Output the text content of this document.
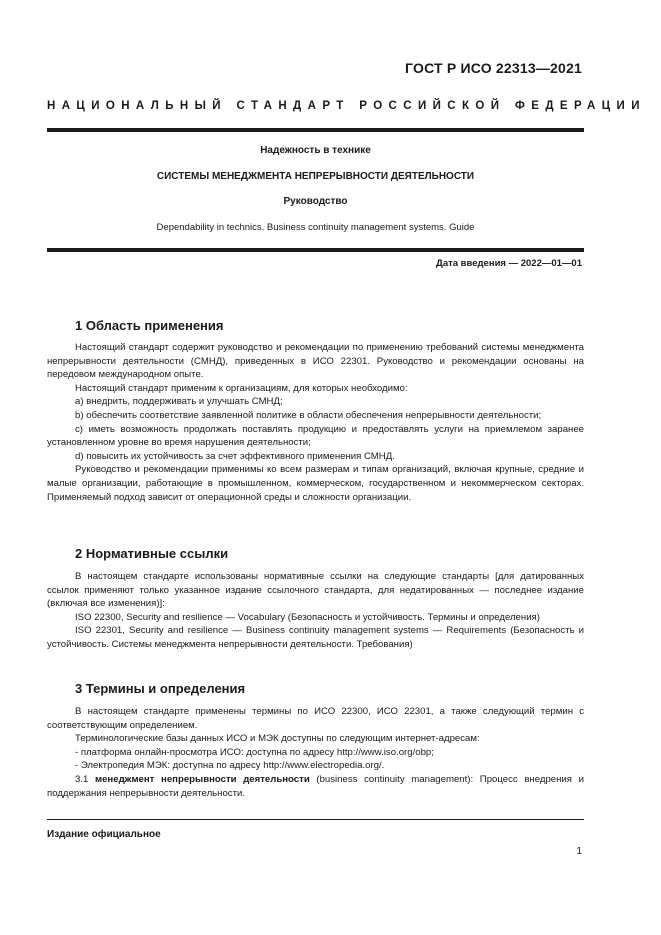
ГОСТ Р ИСО 22313—2021
НАЦИОНАЛЬНЫЙ СТАНДАРТ РОССИЙСКОЙ ФЕДЕРАЦИИ
Надежность в технике
СИСТЕМЫ МЕНЕДЖМЕНТА НЕПРЕРЫВНОСТИ ДЕЯТЕЛЬНОСТИ
Руководство
Dependability in technics. Business continuity management systems. Guide
Дата введения — 2022—01—01
1 Область применения

Настоящий стандарт содержит руководство и рекомендации по применению требований системы менеджмента непрерывности деятельности (СМНД), приведенных в ИСО 22301. Руководство и рекомендации основаны на передовом международном опыте.

Настоящий стандарт применим к организациям, для которых необходимо:

a) внедрить, поддерживать и улучшать СМНД;

b) обеспечить соответствие заявленной политике в области обеспечения непрерывности деятельности;

c) иметь возможность продолжать поставлять продукцию и предоставлять услуги на приемлемом заранее установленном уровне во время нарушения деятельности;

d) повысить их устойчивость за счет эффективного применения СМНД.

Руководство и рекомендации применимы ко всем размерам и типам организаций, включая крупные, средние и малые организации, работающие в промышленном, коммерческом, государственном и некоммерческом секторах. Применяемый подход зависит от операционной среды и сложности организации.

2 Нормативные ссылки

В настоящем стандарте использованы нормативные ссылки на следующие стандарты [для датированных ссылок применяют только указанное издание ссылочного стандарта, для недатированных — последнее издание (включая все изменения)]:

ISO 22300, Security and resilience — Vocabulary (Безопасность и устойчивость. Термины и определения)

ISO 22301, Security and resilience — Business continuity management systems — Requirements (Безопасность и устойчивость. Системы менеджмента непрерывности деятельности. Требования)

3 Термины и определения

В настоящем стандарте применены термины по ИСО 22300, ИСО 22301, а также следующий термин с соответствующим определением.

Терминологические базы данных ИСО и МЭК доступны по следующим интернет-адресам:

- платформа онлайн-просмотра ИСО: доступна по адресу http://www.iso.org/obp;

- Электропедия МЭК: доступна по адресу http://www.electropedia.org/.

3.1 менеджмент непрерывности деятельности (business continuity management): Процесс внедрения и поддержания непрерывности деятельности.

Издание официальное
1
